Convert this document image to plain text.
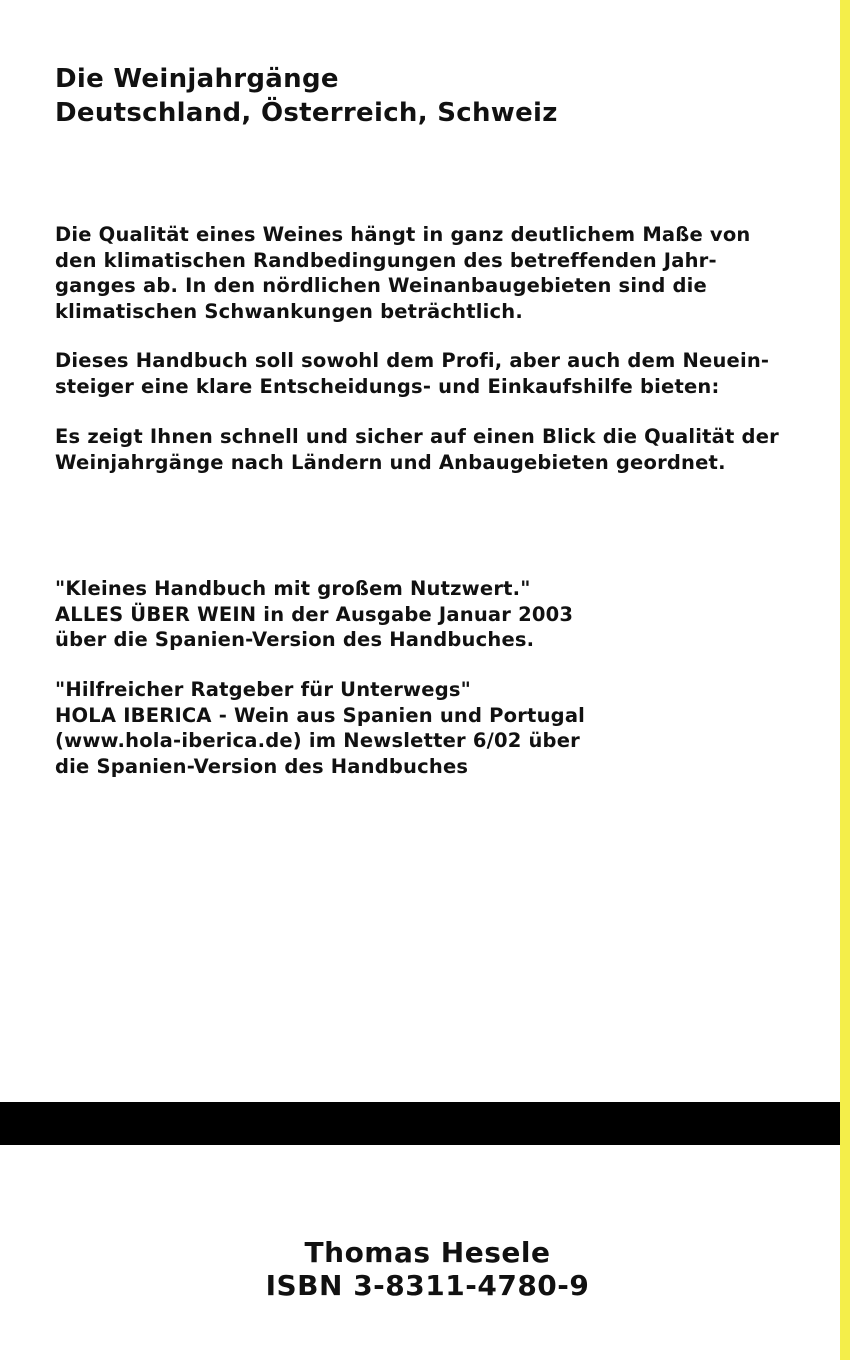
Die Weinjahrgänge
Deutschland, Österreich, Schweiz
Die Qualität eines Weines hängt in ganz deutlichem Maße von
den klimatischen Randbedingungen des betreffenden Jahr-
ganges ab. In den nördlichen Weinanbaugebieten sind die
klimatischen Schwankungen beträchtlich.
Dieses Handbuch soll sowohl dem Profi, aber auch dem Neuein-
steiger eine klare Entscheidungs- und Einkaufshilfe bieten:
Es zeigt Ihnen schnell und sicher auf einen Blick die Qualität der
Weinjahrgänge nach Ländern und Anbaugebieten geordnet.
"Kleines Handbuch mit großem Nutzwert."
ALLES ÜBER WEIN in der Ausgabe Januar 2003
über die Spanien-Version des Handbuches.
"Hilfreicher Ratgeber für Unterwegs"
HOLA IBERICA - Wein aus Spanien und Portugal
(www.hola-iberica.de) im Newsletter 6/02 über
die Spanien-Version des Handbuches
Thomas Hesele
ISBN 3-8311-4780-9
